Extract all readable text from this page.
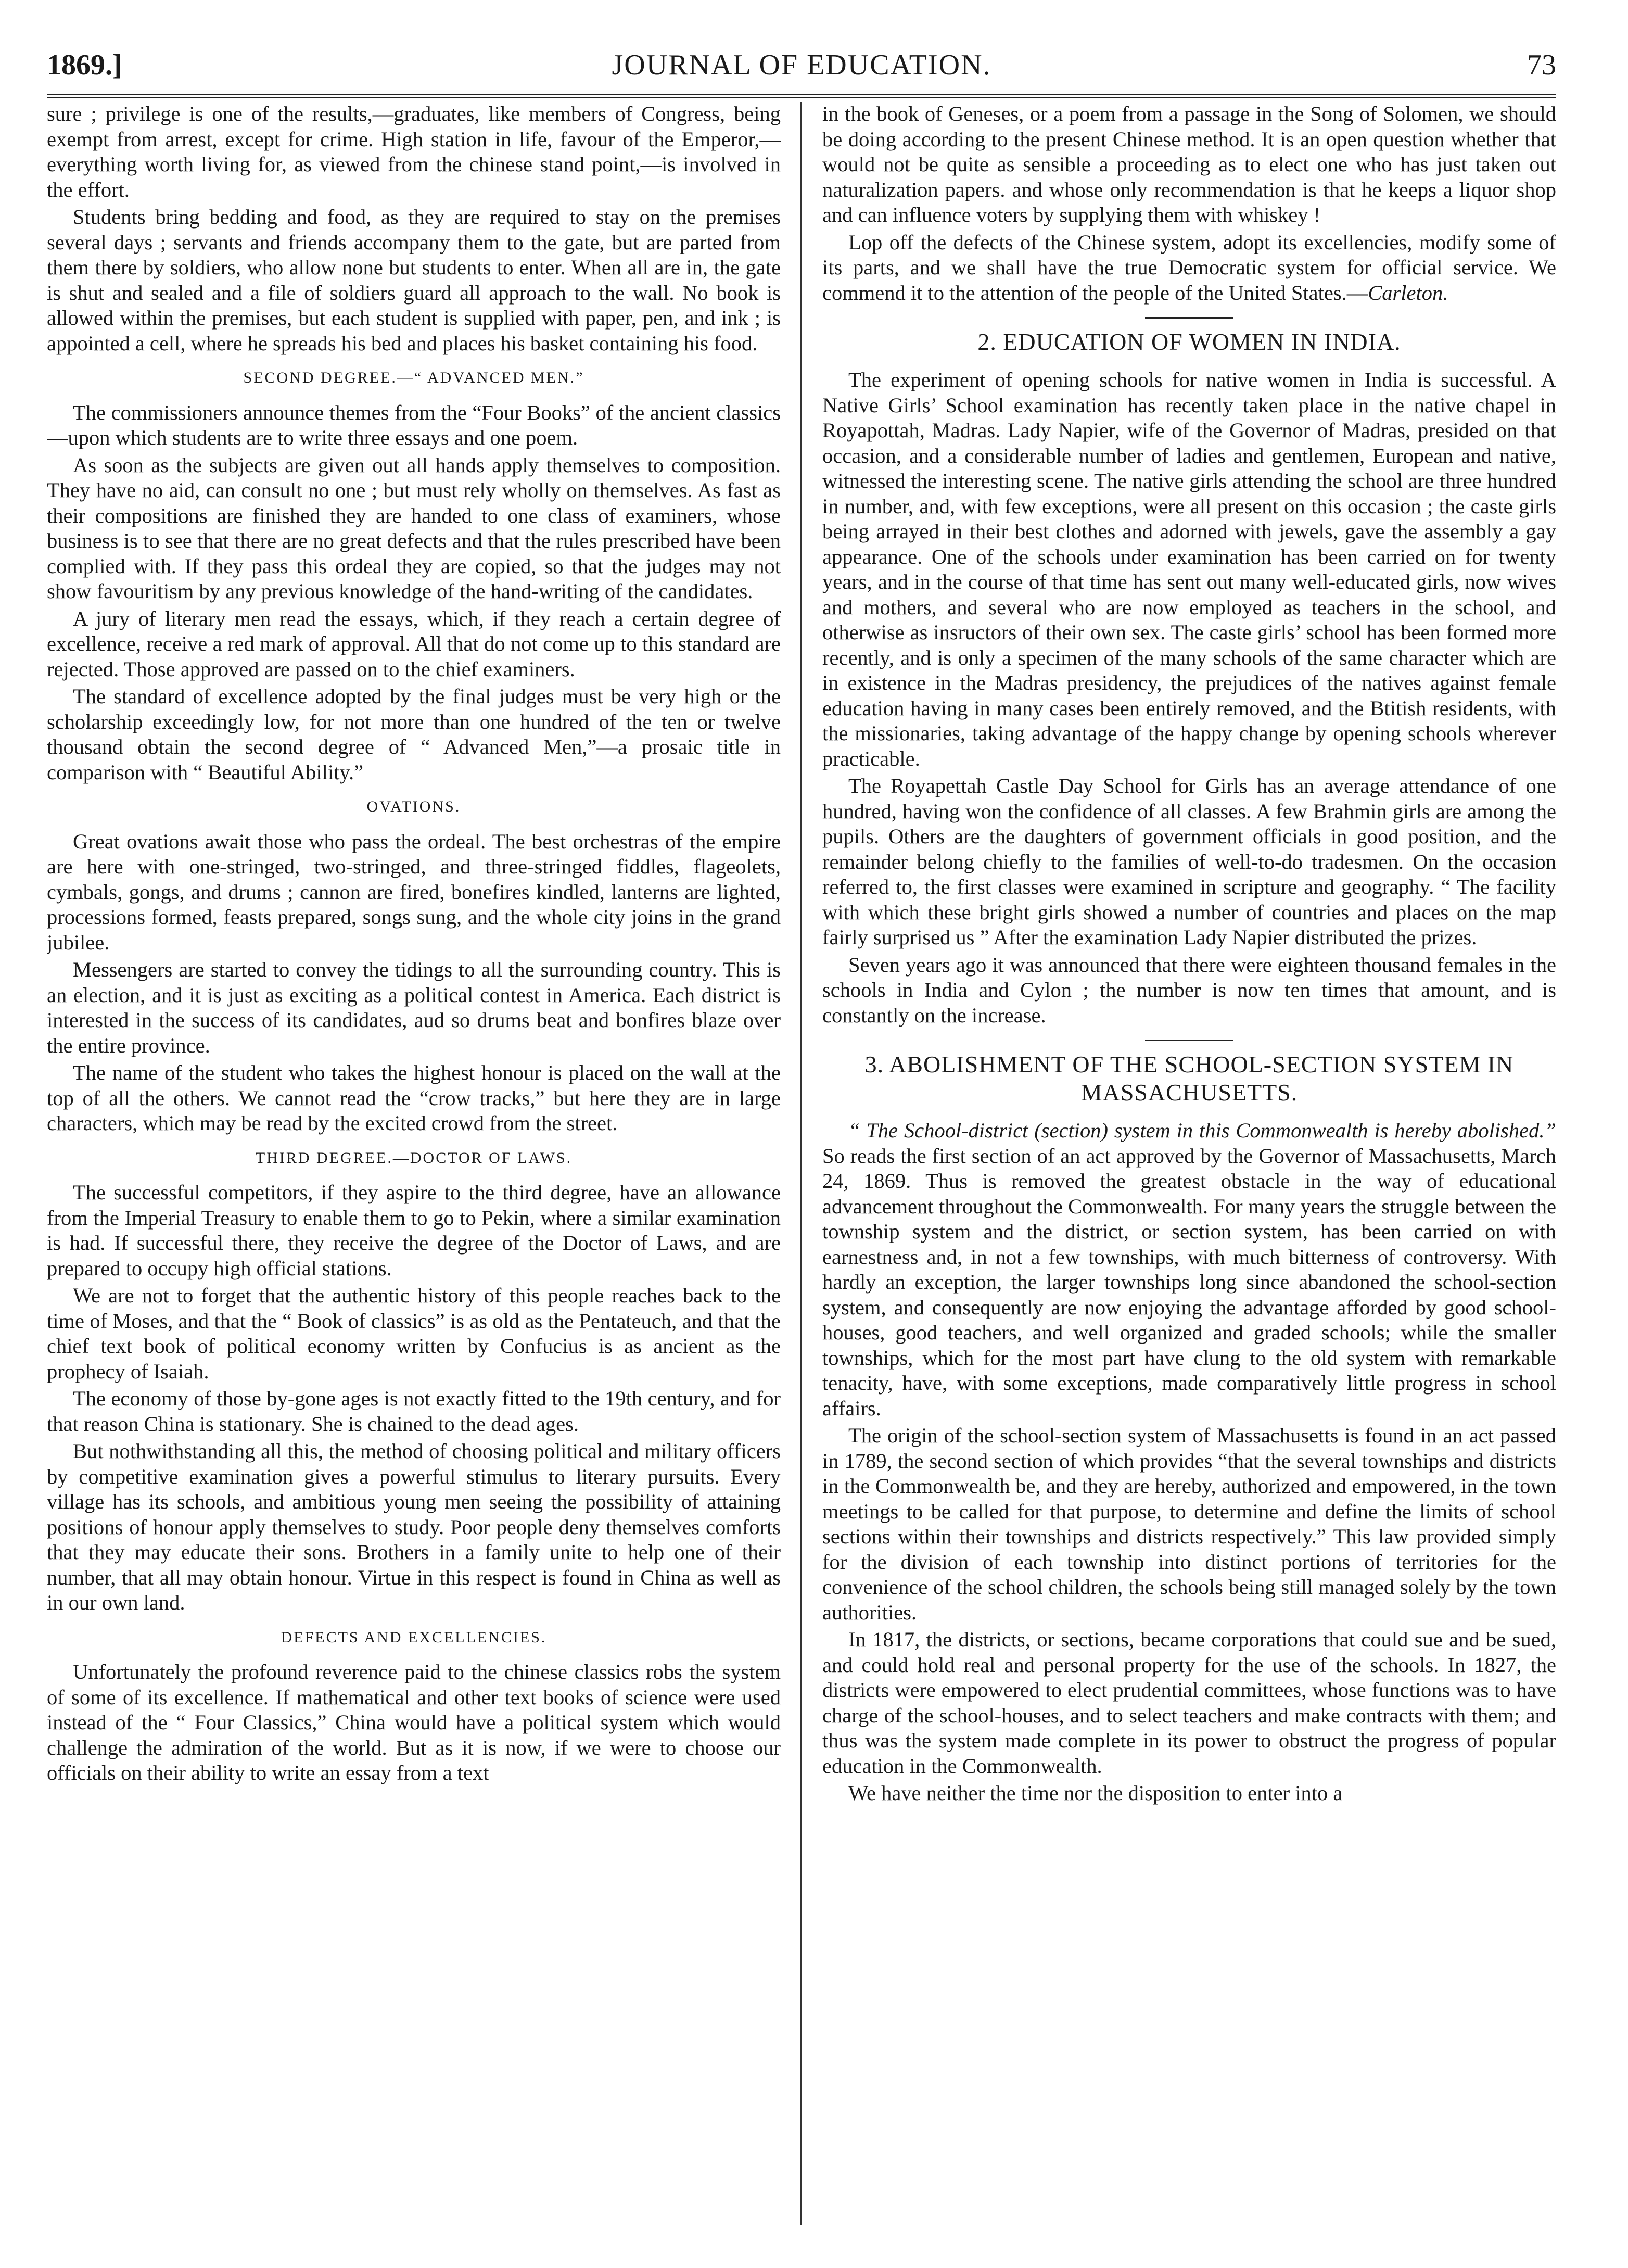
1869.]	JOURNAL OF EDUCATION.	73

sure ; privilege is one of the results,—graduates, like members of Congress, being exempt from arrest, except for crime. High station in life, favour of the Emperor,—everything worth living for, as viewed from the chinese stand point,—is involved in the effort.

Students bring bedding and food, as they are required to stay on the premises several days ; servants and friends accompany them to the gate, but are parted from them there by soldiers, who allow none but students to enter. When all are in, the gate is shut and sealed and a file of soldiers guard all approach to the wall. No book is allowed within the premises, but each student is supplied with paper, pen, and ink ; is appointed a cell, where he spreads his bed and places his basket containing his food.

SECOND DEGREE.—“ ADVANCED MEN.”

The commissioners announce themes from the “Four Books” of the ancient classics—upon which students are to write three essays and one poem.

As soon as the subjects are given out all hands apply themselves to composition. They have no aid, can consult no one ; but must rely wholly on themselves. As fast as their compositions are finished they are handed to one class of examiners, whose business is to see that there are no great defects and that the rules prescribed have been complied with. If they pass this ordeal they are copied, so that the judges may not show favouritism by any previous knowledge of the hand-writing of the candidates.

A jury of literary men read the essays, which, if they reach a certain degree of excellence, receive a red mark of approval. All that do not come up to this standard are rejected. Those approved are passed on to the chief examiners.

The standard of excellence adopted by the final judges must be very high or the scholarship exceedingly low, for not more than one hundred of the ten or twelve thousand obtain the second degree of “ Advanced Men,”—a prosaic title in comparison with “ Beautiful Ability.”

OVATIONS.

Great ovations await those who pass the ordeal. The best orchestras of the empire are here with one-stringed, two-stringed, and three-stringed fiddles, flageolets, cymbals, gongs, and drums ; cannon are fired, bonefires kindled, lanterns are lighted, processions formed, feasts prepared, songs sung, and the whole city joins in the grand jubilee.

Messengers are started to convey the tidings to all the surrounding country. This is an election, and it is just as exciting as a political contest in America. Each district is interested in the success of its candidates, aud so drums beat and bonfires blaze over the entire province.

The name of the student who takes the highest honour is placed on the wall at the top of all the others. We cannot read the “crow tracks,” but here they are in large characters, which may be read by the excited crowd from the street.

THIRD DEGREE.—DOCTOR OF LAWS.

The successful competitors, if they aspire to the third degree, have an allowance from the Imperial Treasury to enable them to go to Pekin, where a similar examination is had. If successful there, they receive the degree of the Doctor of Laws, and are prepared to occupy high official stations.

We are not to forget that the authentic history of this people reaches back to the time of Moses, and that the “ Book of classics” is as old as the Pentateuch, and that the chief text book of political economy written by Confucius is as ancient as the prophecy of Isaiah.

The economy of those by-gone ages is not exactly fitted to the 19th century, and for that reason China is stationary. She is chained to the dead ages.

But nothwithstanding all this, the method of choosing political and military officers by competitive examination gives a powerful stimulus to literary pursuits. Every village has its schools, and ambitious young men seeing the possibility of attaining positions of honour apply themselves to study. Poor people deny themselves comforts that they may educate their sons. Brothers in a family unite to help one of their number, that all may obtain honour. Virtue in this respect is found in China as well as in our own land.

DEFECTS AND EXCELLENCIES.

Unfortunately the profound reverence paid to the chinese classics robs the system of some of its excellence. If mathematical and other text books of science were used instead of the “ Four Classics,” China would have a political system which would challenge the admiration of the world. But as it is now, if we were to choose our officials on their ability to write an essay from a text

in the book of Geneses, or a poem from a passage in the Song of Solomen, we should be doing according to the present Chinese method. It is an open question whether that would not be quite as sensible a proceeding as to elect one who has just taken out naturalization papers. and whose only recommendation is that he keeps a liquor shop and can influence voters by supplying them with whiskey !

Lop off the defects of the Chinese system, adopt its excellencies, modify some of its parts, and we shall have the true Democratic system for official service. We commend it to the attention of the people of the United States.—Carleton.

2. EDUCATION OF WOMEN IN INDIA.

The experiment of opening schools for native women in India is successful. A Native Girls’ School examination has recently taken place in the native chapel in Royapottah, Madras. Lady Napier, wife of the Governor of Madras, presided on that occasion, and a considerable number of ladies and gentlemen, European and native, witnessed the interesting scene. The native girls attending the school are three hundred in number, and, with few exceptions, were all present on this occasion ; the caste girls being arrayed in their best clothes and adorned with jewels, gave the assembly a gay appearance. One of the schools under examination has been carried on for twenty years, and in the course of that time has sent out many well-educated girls, now wives and mothers, and several who are now employed as teachers in the school, and otherwise as insructors of their own sex. The caste girls’ school has been formed more recently, and is only a specimen of the many schools of the same character which are in existence in the Madras presidency, the prejudices of the natives against female education having in many cases been entirely removed, and the Btitish residents, with the missionaries, taking advantage of the happy change by opening schools wherever practicable.

The Royapettah Castle Day School for Girls has an average attendance of one hundred, having won the confidence of all classes. A few Brahmin girls are among the pupils. Others are the daughters of government officials in good position, and the remainder belong chiefly to the families of well-to-do tradesmen. On the occasion referred to, the first classes were examined in scripture and geography. “ The facility with which these bright girls showed a number of countries and places on the map fairly surprised us ” After the examination Lady Napier distributed the prizes.

Seven years ago it was announced that there were eighteen thousand females in the schools in India and Cylon ; the number is now ten times that amount, and is constantly on the increase.

3. ABOLISHMENT OF THE SCHOOL-SECTION SYSTEM IN MASSACHUSETTS.

“ The School-district (section) system in this Commonwealth is hereby abolished.” So reads the first section of an act approved by the Governor of Massachusetts, March 24, 1869. Thus is removed the greatest obstacle in the way of educational advancement throughout the Commonwealth. For many years the struggle between the township system and the district, or section system, has been carried on with earnestness and, in not a few townships, with much bitterness of controversy. With hardly an exception, the larger townships long since abandoned the school-section system, and consequently are now enjoying the advantage afforded by good school-houses, good teachers, and well organized and graded schools; while the smaller townships, which for the most part have clung to the old system with remarkable tenacity, have, with some exceptions, made comparatively little progress in school affairs.

The origin of the school-section system of Massachusetts is found in an act passed in 1789, the second section of which provides “that the several townships and districts in the Commonwealth be, and they are hereby, authorized and empowered, in the town meetings to be called for that purpose, to determine and define the limits of school sections within their townships and districts respectively.” This law provided simply for the division of each township into distinct portions of territories for the convenience of the school children, the schools being still managed solely by the town authorities.

In 1817, the districts, or sections, became corporations that could sue and be sued, and could hold real and personal property for the use of the schools. In 1827, the districts were empowered to elect prudential committees, whose functions was to have charge of the school-houses, and to select teachers and make contracts with them; and thus was the system made complete in its power to obstruct the progress of popular education in the Commonwealth.

We have neither the time nor the disposition to enter into a
